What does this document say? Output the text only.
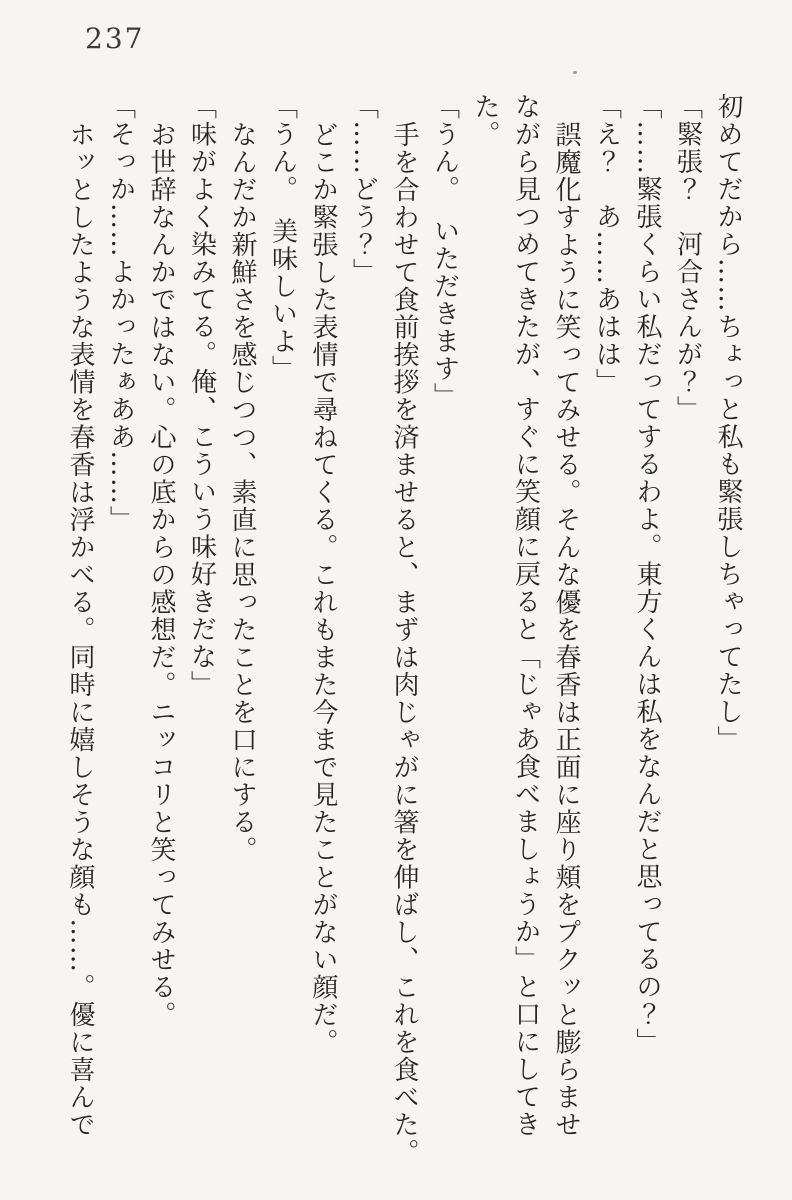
237
初めてだから……ちょっと私も緊張しちゃってたし」
「緊張？　河合さんが？」
「……緊張くらい私だってするわよ。東方くんは私をなんだと思ってるの？」
「え？　あ……あはは」
誤魔化すように笑ってみせる。そんな優を春香は正面に座り頬をプクッと膨らませ
ながら見つめてきたが、すぐに笑顔に戻ると「じゃあ食べましょうか」と口にしてき
た。
「うん。　いただきます」
手を合わせて食前挨拶を済ませると、まずは肉じゃがに箸を伸ばし、これを食べた。
「……どう？」
どこか緊張した表情で尋ねてくる。これもまた今まで見たことがない顔だ。
「うん。　美味しいよ」
なんだか新鮮さを感じつつ、素直に思ったことを口にする。
「味がよく染みてる。俺、こういう味好きだな」
お世辞なんかではない。心の底からの感想だ。ニッコリと笑ってみせる。
「そっか……よかったぁああ……」
ホッとしたような表情を春香は浮かべる。同時に嬉しそうな顔も……。優に喜んで
